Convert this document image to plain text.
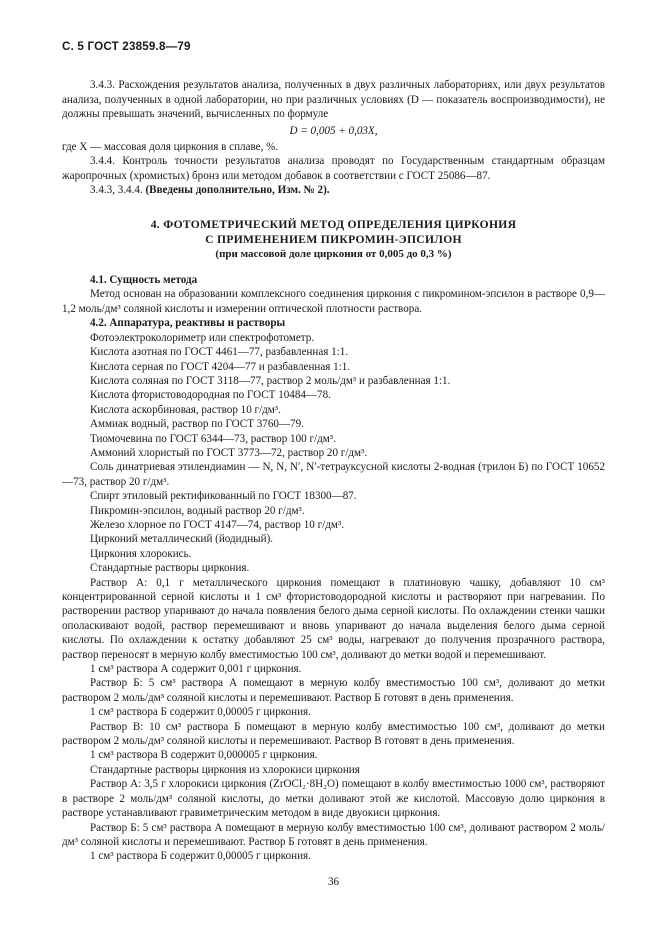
С. 5 ГОСТ 23859.8—79

3.4.3. Расхождения результатов анализа, полученных в двух различных лабораториях, или двух результатов анализа, полученных в одной лаборатории, но при различных условиях (D — показатель воспроизводимости), не должны превышать значений, вычисленных по формуле

D = 0,005 + 0,03X,

где X — массовая доля циркония в сплаве, %.

3.4.4. Контроль точности результатов анализа проводят по Государственным стандартным образцам жаропрочных (хромистых) бронз или методом добавок в соответствии с ГОСТ 25086—87.

3.4.3, 3.4.4. (Введены дополнительно, Изм. № 2).

4. ФОТОМЕТРИЧЕСКИЙ МЕТОД ОПРЕДЕЛЕНИЯ ЦИРКОНИЯ
С ПРИМЕНЕНИЕМ ПИКРОМИН-ЭПСИЛОН
(при массовой доле циркония от 0,005 до 0,3 %)

4.1. Сущность метода

Метод основан на образовании комплексного соединения циркония с пикромином-эпсилон в растворе 0,9—1,2 моль/дм³ соляной кислоты и измерении оптической плотности раствора.

4.2. Аппаратура, реактивы и растворы

Фотоэлектроколориметр или спектрофотометр.

Кислота азотная по ГОСТ 4461—77, разбавленная 1:1.

Кислота серная по ГОСТ 4204—77 и разбавленная 1:1.

Кислота соляная по ГОСТ 3118—77, раствор 2 моль/дм³ и разбавленная 1:1.

Кислота фтористоводородная по ГОСТ 10484—78.

Кислота аскорбиновая, раствор 10 г/дм³.

Аммиак водный, раствор по ГОСТ 3760—79.

Тиомочевина по ГОСТ 6344—73, раствор 100 г/дм³.

Аммоний хлористый по ГОСТ 3773—72, раствор 20 г/дм³.

Соль динатриевая этилендиамин — N, N, N′, N′-тетрауксусной кислоты 2-водная (трилон Б) по ГОСТ 10652—73, раствор 20 г/дм³.

Спирт этиловый ректификованный по ГОСТ 18300—87.

Пикромин-эпсилон, водный раствор 20 г/дм³.

Железо хлорное по ГОСТ 4147—74, раствор 10 г/дм³.

Цирконий металлический (йодидный).

Циркония хлорокись.

Стандартные растворы циркония.

Раствор А: 0,1 г металлического циркония помещают в платиновую чашку, добавляют 10 см³ концентрированной серной кислоты и 1 см³ фтористоводородной кислоты и растворяют при нагревании. По растворении раствор упаривают до начала появления белого дыма серной кислоты. По охлаждении стенки чашки ополаскивают водой, раствор перемешивают и вновь упаривают до начала выделения белого дыма серной кислоты. По охлаждении к остатку добавляют 25 см³ воды, нагревают до получения прозрачного раствора, раствор переносят в мерную колбу вместимостью 100 см³, доливают до метки водой и перемешивают.

1 см³ раствора А содержит 0,001 г циркония.

Раствор Б: 5 см³ раствора А помещают в мерную колбу вместимостью 100 см³, доливают до метки раствором 2 моль/дм³ соляной кислоты и перемешивают. Раствор Б готовят в день применения.

1 см³ раствора Б содержит 0,00005 г циркония.

Раствор В: 10 см³ раствора Б помещают в мерную колбу вместимостью 100 см³, доливают до метки раствором 2 моль/дм³ соляной кислоты и перемешивают. Раствор В готовят в день применения.

1 см³ раствора В содержит 0,000005 г циркония.

Стандартные растворы циркония из хлорокиси циркония

Раствор А: 3,5 г хлорокиси циркония (ZrOCl₂·8H₂O) помещают в колбу вместимостью 1000 см³, растворяют в растворе 2 моль/дм³ соляной кислоты, до метки доливают этой же кислотой. Массовую долю циркония в растворе устанавливают гравиметрическим методом в виде двуокиси циркония.

Раствор Б: 5 см³ раствора А помещают в мерную колбу вместимостью 100 см³, доливают раствором 2 моль/дм³ соляной кислоты и перемешивают. Раствор Б готовят в день применения.

1 см³ раствора Б содержит 0,00005 г циркония.

36
